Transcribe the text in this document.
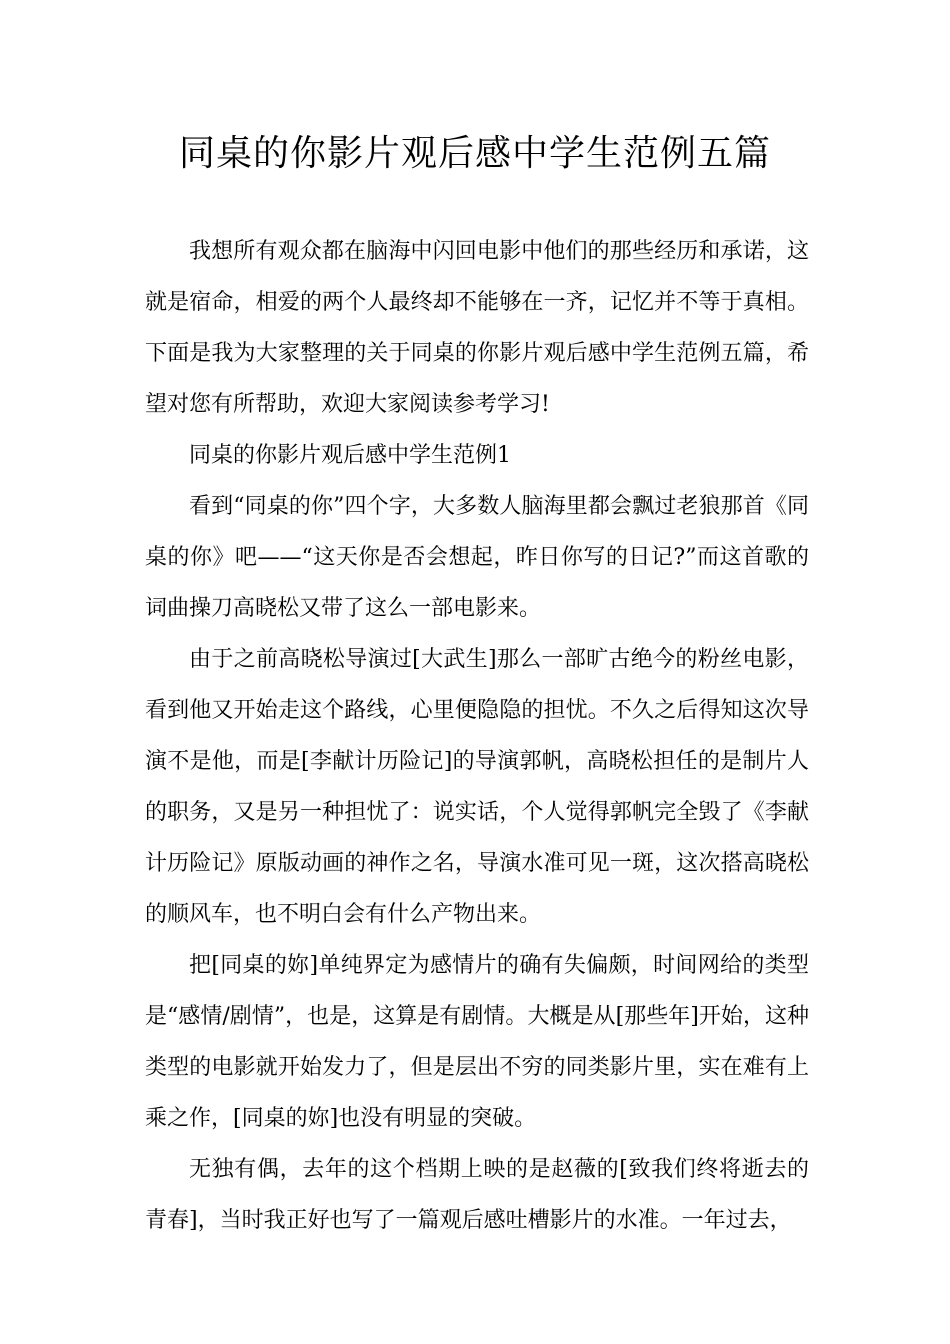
同桌的你影片观后感中学生范例五篇

我想所有观众都在脑海中闪回电影中他们的那些经历和承诺，这就是宿命，相爱的两个人最终却不能够在一齐，记忆并不等于真相。下面是我为大家整理的关于同桌的你影片观后感中学生范例五篇，希望对您有所帮助，欢迎大家阅读参考学习!

同桌的你影片观后感中学生范例1

看到“同桌的你”四个字，大多数人脑海里都会飘过老狼那首《同桌的你》吧——“这天你是否会想起，昨日你写的日记?”而这首歌的词曲操刀高晓松又带了这么一部电影来。

由于之前高晓松导演过[大武生]那么一部旷古绝今的粉丝电影，看到他又开始走这个路线，心里便隐隐的担忧。不久之后得知这次导演不是他，而是[李献计历险记]的导演郭帆，高晓松担任的是制片人的职务，又是另一种担忧了：说实话，个人觉得郭帆完全毁了《李献计历险记》原版动画的神作之名，导演水准可见一斑，这次搭高晓松的顺风车，也不明白会有什么产物出来。

把[同桌的妳]单纯界定为感情片的确有失偏颇，时间网给的类型是“感情/剧情”，也是，这算是有剧情。大概是从[那些年]开始，这种类型的电影就开始发力了，但是层出不穷的同类影片里，实在难有上乘之作，[同桌的妳]也没有明显的突破。

无独有偶，去年的这个档期上映的是赵薇的[致我们终将逝去的青春]，当时我正好也写了一篇观后感吐槽影片的水准。一年过去，
